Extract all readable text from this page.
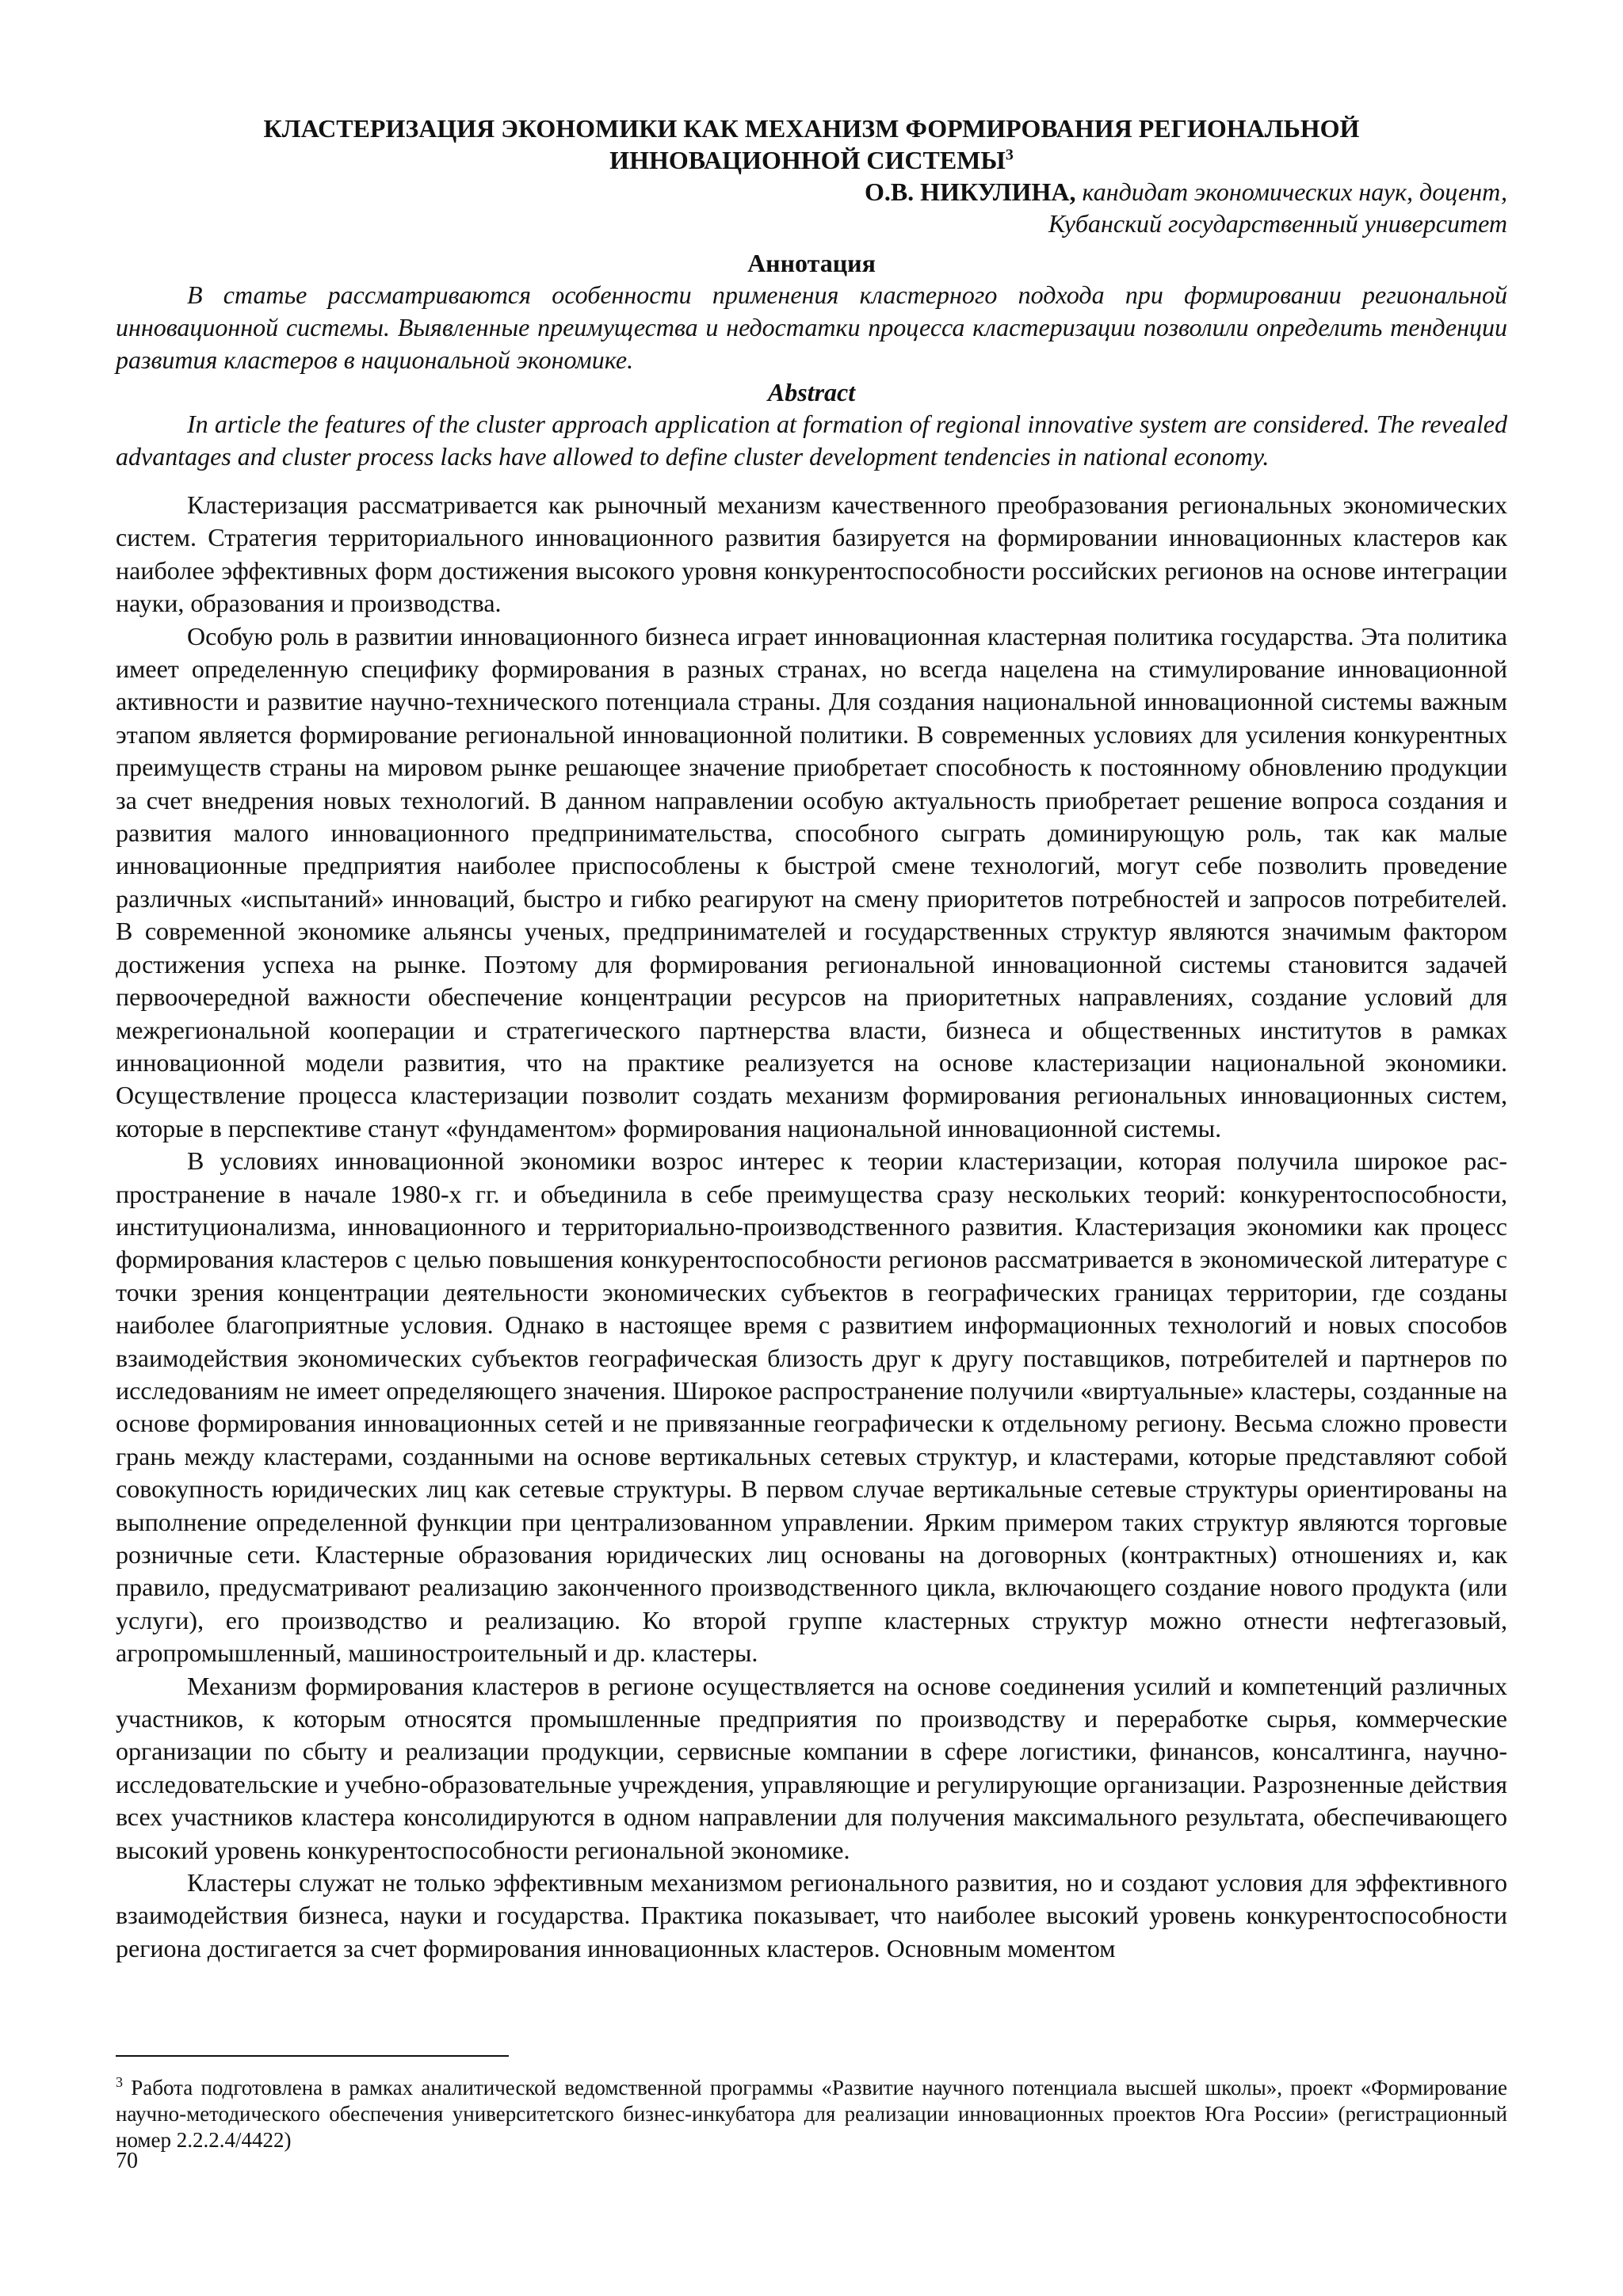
КЛАСТЕРИЗАЦИЯ ЭКОНОМИКИ КАК МЕХАНИЗМ ФОРМИРОВАНИЯ РЕГИОНАЛЬНОЙ
ИННОВАЦИОННОЙ СИСТЕМЫ$^3$

О.В. НИКУЛИНА, кандидат экономических наук, доцент,

Кубанский государственный университет

Аннотация

В статье рассматриваются особенности применения кластерного подхода при формировании региональной инновационной системы. Выявленные преимущества и недостатки процесса кластеризации позволили определить тенденции развития кластеров в национальной экономике.

Abstract

In article the features of the cluster approach application at formation of regional innovative system are considered. The revealed advantages and cluster process lacks have allowed to define cluster development tendencies in national economy.

Кластеризация рассматривается как рыночный механизм качественного преобразования региональных экономических систем. Стратегия территориального инновационного развития базируется на формировании инновационных кластеров как наиболее эффективных форм достижения высокого уровня конкурентоспособности российских регионов на основе интеграции науки, образования и производства.

Особую роль в развитии инновационного бизнеса играет инновационная кластерная политика государства. Эта политика имеет определенную специфику формирования в разных странах, но всегда нацелена на стимулирование инновационной активности и развитие научно-технического потенциала страны. Для создания национальной инновационной системы важным этапом является формирование региональной инновационной политики. В современных условиях для усиления конкурентных преимуществ страны на мировом рынке решающее значение приобретает способность к постоянному обновлению продукции за счет внедрения новых технологий. В данном направлении особую актуальность приобретает решение вопроса создания и развития малого инновационного предпринимательства, способного сыграть доминирующую роль, так как малые инновационные предприятия наиболее приспособлены к быстрой смене технологий, могут себе позволить проведение различных «испытаний» инноваций, быстро и гибко реагируют на смену приоритетов потребностей и запросов потребителей. В современной экономике альянсы ученых, предпринимателей и государственных структур являются значимым фактором достижения успеха на рынке. Поэтому для формирования региональной инновационной системы становится задачей первоочередной важности обеспечение концентрации ресурсов на приоритетных направлениях, создание условий для межрегиональной кооперации и стратегического партнерства власти, бизнеса и общественных институтов в рамках инновационной модели развития, что на практике реализуется на основе кластеризации национальной экономики. Осуществление процесса кластеризации позволит создать механизм формирования региональных инновационных систем, которые в перспективе станут «фундаментом» формирования национальной инновационной системы.

В условиях инновационной экономики возрос интерес к теории кластеризации, которая получила широкое распространение в начале 1980-х гг. и объединила в себе преимущества сразу нескольких теорий: конкурентоспособности, институционализма, инновационного и территориально-производственного развития. Кластеризация экономики как процесс формирования кластеров с целью повышения конкурентоспособности регионов рассматривается в экономической литературе с точки зрения концентрации деятельности экономических субъектов в географических границах территории, где созданы наиболее благоприятные условия. Однако в настоящее время с развитием информационных технологий и новых способов взаимодействия экономических субъектов географическая близость друг к другу поставщиков, потребителей и партнеров по исследованиям не имеет определяющего значения. Широкое распространение получили «виртуальные» кластеры, созданные на основе формирования инновационных сетей и не привязанные географически к отдельному региону. Весьма сложно провести грань между кластерами, созданными на основе вертикальных сетевых структур, и кластерами, которые представляют собой совокупность юридических лиц как сетевые структуры. В первом случае вертикальные сетевые структуры ориентированы на выполнение определенной функции при централизованном управлении. Ярким примером таких структур являются торговые розничные сети. Кластерные образования юридических лиц основаны на договорных (контрактных) отношениях и, как правило, предусматривают реализацию законченного производственного цикла, включающего создание нового продукта (или услуги), его производство и реализацию. Ко второй группе кластерных структур можно отнести нефтегазовый, агропромышленный, машиностроительный и др. кластеры.

Механизм формирования кластеров в регионе осуществляется на основе соединения усилий и компетенций различных участников, к которым относятся промышленные предприятия по производству и переработке сырья, коммерческие организации по сбыту и реализации продукции, сервисные компании в сфере логистики, финансов, консалтинга, научно-исследовательские и учебно-образовательные учреждения, управляющие и регулирующие организации. Разрозненные действия всех участников кластера консолидируются в одном направлении для получения максимального результата, обеспечивающего высокий уровень конкурентоспособности региональной экономике.

Кластеры служат не только эффективным механизмом регионального развития, но и создают условия для эффективного взаимодействия бизнеса, науки и государства. Практика показывает, что наиболее высокий уровень конкурентоспособности региона достигается за счет формирования инновационных кластеров. Основным моментом

$^3$ Работа подготовлена в рамках аналитической ведомственной программы «Развитие научного потенциала высшей школы», проект «Формирование научно-методического обеспечения университетского бизнес-инкубатора для реализации инновационных проектов Юга России» (регистрационный номер 2.2.2.4/4422)
70
